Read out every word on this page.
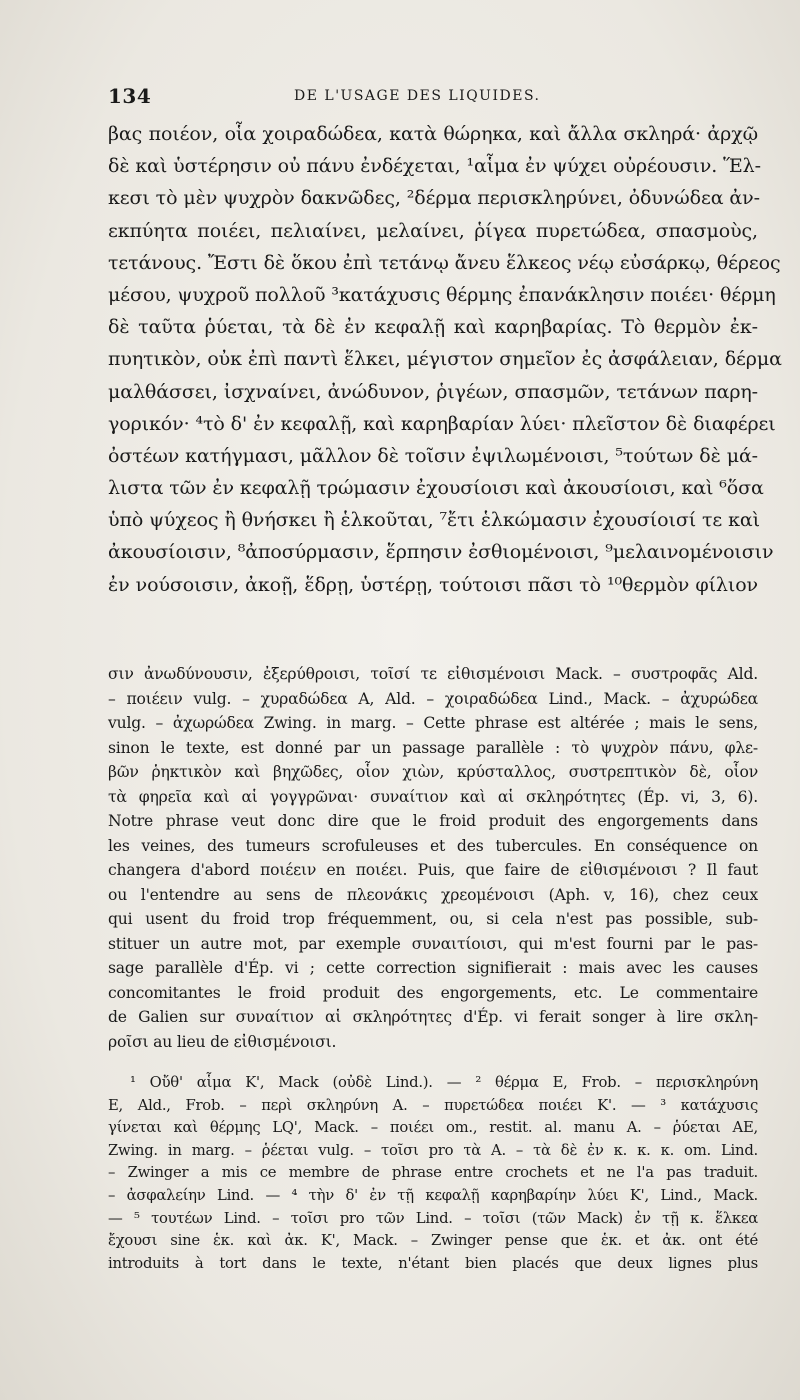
134	DE L'USAGE DES LIQUIDES.
βας ποιέον, οἷα χοιραδώδεα, κατὰ θώρηκα, καὶ ἄλλα σκληρά· ἀρχῷ
δὲ καὶ ὑστέρησιν οὐ πάνυ ἐνδέχεται, ¹αἷμα ἐν ψύχει οὐρέουσιν. Ἕλ-
κεσι τὸ μὲν ψυχρὸν δακνῶδες, ²δέρμα περισκληρύνει, ὀδυνώδεα ἀν-
εκπύητα ποιέει, πελιαίνει, μελαίνει, ῥίγεα πυρετώδεα, σπασμοὺς,
τετάνους. Ἔστι δὲ ὅκου ἐπὶ τετάνῳ ἄνευ ἕλκεος νέῳ εὐσάρκῳ, θέρεος
μέσου, ψυχροῦ πολλοῦ ³κατάχυσις θέρμης ἐπανάκλησιν ποιέει· θέρμη
δὲ ταῦτα ῥύεται, τὰ δὲ ἐν κεφαλῇ καὶ καρηβαρίας. Τὸ θερμὸν ἐκ-
πυητικὸν, οὐκ ἐπὶ παντὶ ἕλκει, μέγιστον σημεῖον ἐς ἀσφάλειαν, δέρμα
μαλθάσσει, ἰσχναίνει, ἀνώδυνον, ῥιγέων, σπασμῶν, τετάνων παρη-
γορικόν· ⁴τὸ δ' ἐν κεφαλῇ, καὶ καρηβαρίαν λύει· πλεῖστον δὲ διαφέρει
ὀστέων κατήγμασι, μᾶλλον δὲ τοῖσιν ἐψιλωμένοισι, ⁵τούτων δὲ μά-
λιστα τῶν ἐν κεφαλῇ τρώμασιν ἐχουσίοισι καὶ ἀκουσίοισι, καὶ ⁶ὅσα
ὑπὸ ψύχεος ἢ θνήσκει ἢ ἑλκοῦται, ⁷ἔτι ἑλκώμασιν ἐχουσίοισί τε καὶ
ἀκουσίοισιν, ⁸ἀποσύρμασιν, ἕρπησιν ἐσθιομένοισι, ⁹μελαινομένοισιν
ἐν νούσοισιν, ἀκοῇ, ἕδρῃ, ὑστέρῃ, τούτοισι πᾶσι τὸ ¹⁰θερμὸν φίλιον
σιν ἀνωδύνουσιν, ἐξερύθροισι, τοῖσί τε εἰθισμένοισι Mack. – συστροφᾶς Ald.
– ποιέειν vulg. – χυραδώδεα A, Ald. – χοιραδώδεα Lind., Mack. – ἀχυρώδεα
vulg. – ἀχωρώδεα Zwing. in marg. – Cette phrase est altérée ; mais le sens,
sinon le texte, est donné par un passage parallèle : τὸ ψυχρὸν πάνυ, φλε-
βῶν ῥηκτικὸν καὶ βηχῶδες, οἷον χιὼν, κρύσταλλος, συστρεπτικὸν δὲ, οἷον
τὰ φηρεῖα καὶ αἱ γογγρῶναι· συναίτιον καὶ αἱ σκληρότητες (Ép. vi, 3, 6).
Notre phrase veut donc dire que le froid produit des engorgements dans
les veines, des tumeurs scrofuleuses et des tubercules. En conséquence on
changera d'abord ποιέειν en ποιέει. Puis, que faire de εἰθισμένοισι ? Il faut
ou l'entendre au sens de πλεονάκις χρεομένοισι (Aph. v, 16), chez ceux
qui usent du froid trop fréquemment, ou, si cela n'est pas possible, sub-
stituer un autre mot, par exemple συναιτίοισι, qui m'est fourni par le pas-
sage parallèle d'Ép. vi ; cette correction signifierait : mais avec les causes
concomitantes le froid produit des engorgements, etc. Le commentaire
de Galien sur συναίτιον αἱ σκληρότητες d'Ép. vi ferait songer à lire σκλη-
ροῖσι au lieu de εἰθισμένοισι.
¹ Οὔθ' αἷμα K', Mack (οὐδὲ Lind.). — ² θέρμα E, Frob. – περισκληρύνη
E, Ald., Frob. – περὶ σκληρύνη A. – πυρετώδεα ποιέει K'. — ³ κατάχυσις
γίνεται καὶ θέρμης LQ', Mack. – ποιέει om., restit. al. manu A. – ῥύεται AE,
Zwing. in marg. – ῥέεται vulg. – τοῖσι pro τὰ A. – τὰ δὲ ἐν κ. κ. κ. om. Lind.
– Zwinger a mis ce membre de phrase entre crochets et ne l'a pas traduit.
– ἀσφαλείην Lind. — ⁴ τὴν δ' ἐν τῇ κεφαλῇ καρηβαρίην λύει K', Lind., Mack.
— ⁵ τουτέων Lind. – τοῖσι pro τῶν Lind. – τοῖσι (τῶν Mack) ἐν τῇ κ. ἕλκεα
ἔχουσι sine ἑκ. καὶ ἀκ. K', Mack. – Zwinger pense que ἑκ. et ἀκ. ont été
introduits à tort dans le texte, n'étant bien placés que deux lignes plus
